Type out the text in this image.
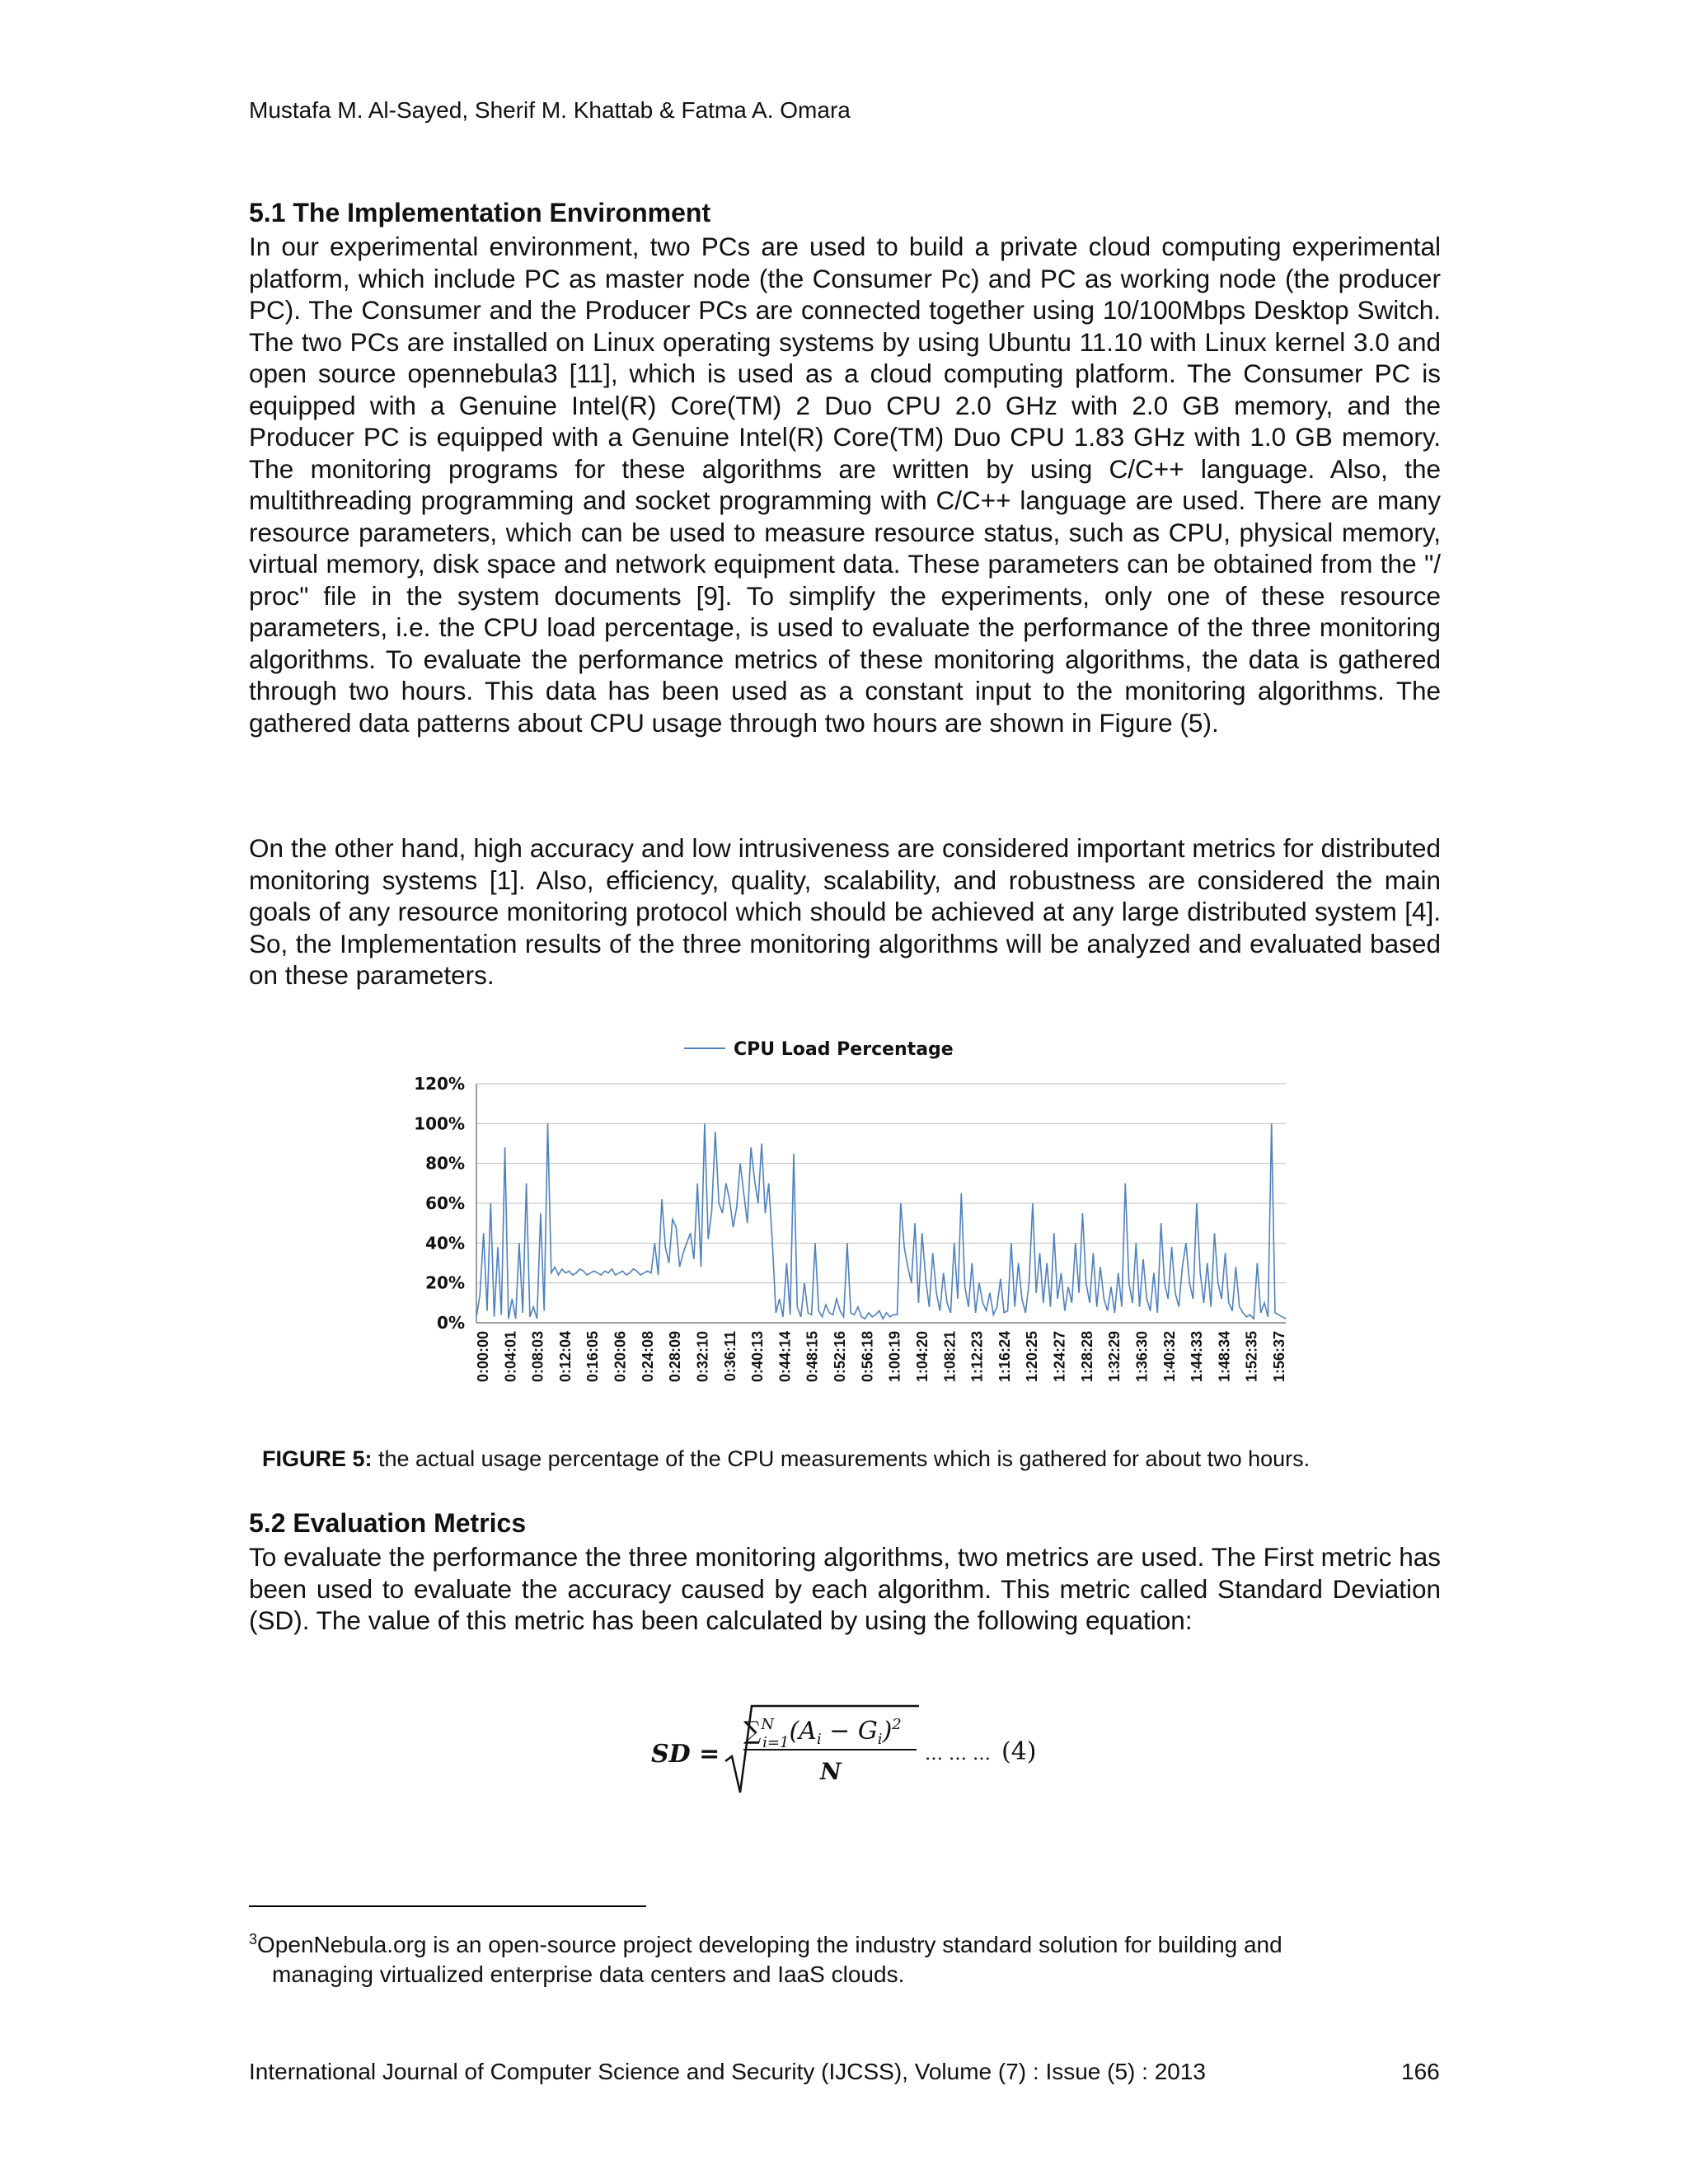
Mustafa M. Al-Sayed, Sherif M. Khattab & Fatma A. Omara
5.1 The Implementation Environment

In our experimental environment, two PCs are used to build a private cloud computing experimental platform, which include PC as master node (the Consumer Pc) and PC as working node (the producer PC). The Consumer and the Producer PCs are connected together using 10/100Mbps Desktop Switch. The two PCs are installed on Linux operating systems by using Ubuntu 11.10 with Linux kernel 3.0 and open source opennebula3 [11], which is used as a cloud computing platform. The Consumer PC is equipped with a Genuine Intel(R) Core(TM) 2 Duo CPU 2.0 GHz with 2.0 GB memory, and the Producer PC is equipped with a Genuine Intel(R) Core(TM) Duo CPU 1.83 GHz with 1.0 GB memory. The monitoring programs for these algorithms are written by using C/C++ language. Also, the multithreading programming and socket programming with C/C++ language are used. There are many resource parameters, which can be used to measure resource status, such as CPU, physical memory, virtual memory, disk space and network equipment data. These parameters can be obtained from the "/ proc" file in the system documents [9]. To simplify the experiments, only one of these resource parameters, i.e. the CPU load percentage, is used to evaluate the performance of the three monitoring algorithms. To evaluate the performance metrics of these monitoring algorithms, the data is gathered through two hours. This data has been used as a constant input to the monitoring algorithms. The gathered data patterns about CPU usage through two hours are shown in Figure (5).

On the other hand, high accuracy and low intrusiveness are considered important metrics for distributed monitoring systems [1]. Also, efficiency, quality, scalability, and robustness are considered the main goals of any resource monitoring protocol which should be achieved at any large distributed system [4]. So, the Implementation results of the three monitoring algorithms will be analyzed and evaluated based on these parameters.

0%
20%
40%
60%
80%
100%
120%
0:00:00 0:04:01 0:08:03 0:12:04 0:16:05 0:20:06 0:24:08 0:28:09 0:32:10 0:36:11 0:40:13 0:44:14 0:48:15 0:52:16 0:56:18 1:00:19 1:04:20 1:08:21 1:12:23 1:16:24 1:20:25 1:24:27 1:28:28 1:32:29 1:36:30 1:40:32 1:44:33 1:48:34 1:52:35 1:56:37
CPU Load Percentage
FIGURE 5: the actual usage percentage of the CPU measurements which is gathered for about two hours.
5.2 Evaluation Metrics

To evaluate the performance the three monitoring algorithms, two metrics are used. The First metric has been used to evaluate the accuracy caused by each algorithm. This metric called Standard Deviation (SD). The value of this metric has been calculated by using the following equation:

SD =
∑$^N$ $i=1(A_i - G_i)^2$
N
… … … (4)
$^3$OpenNebula.org is an open-source project developing the industry standard solution for building and
managing virtualized enterprise data centers and IaaS clouds.
International Journal of Computer Science and Security (IJCSS), Volume (7) : Issue (5) : 2013	166
